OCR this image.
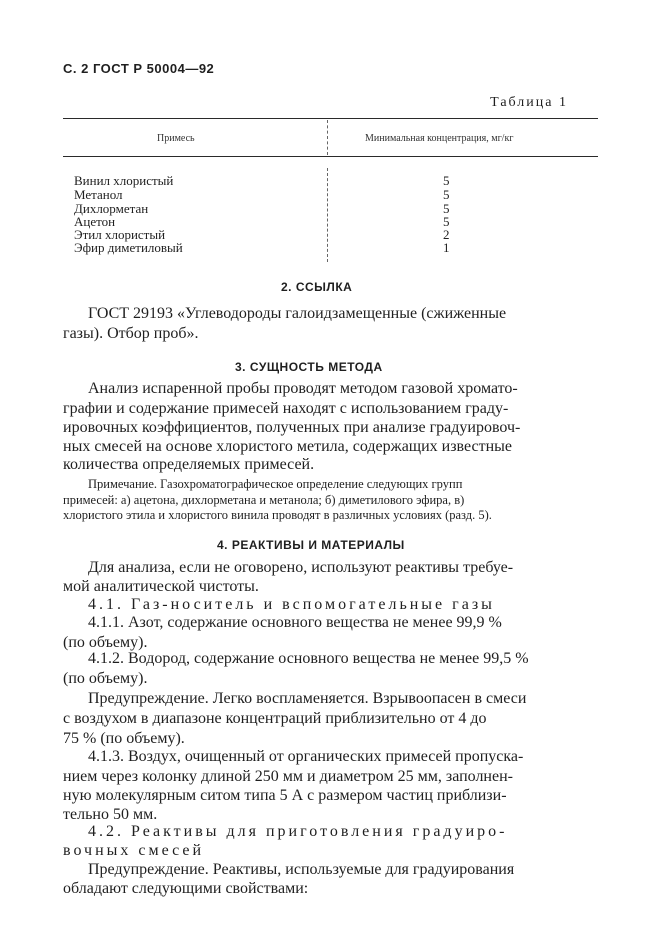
С. 2 ГОСТ Р 50004—92
Таблица 1
Примесь	Минимальная концентрация, мг/кг
Винил хлористый	5
Метанол	5
Дихлорметан	5
Ацетон	5
Этил хлористый	2
Эфир диметиловый	1
2. ССЫЛКА
ГОСТ 29193 «Углеводороды галоидзамещенные (сжиженные
газы). Отбор проб».
3. СУЩНОСТЬ МЕТОДА
Анализ испаренной пробы проводят методом газовой хромато-
графии и содержание примесей находят с использованием граду-
ировочных коэффициентов, полученных при анализе градуировоч-
ных смесей на основе хлористого метила, содержащих известные
количества определяемых примесей.
Примечание. Газохроматографическое определение следующих групп
примесей: а) ацетона, дихлорметана и метанола; б) диметилового эфира, в)
хлористого этила и хлористого винила проводят в различных условиях (разд. 5).
4. РЕАКТИВЫ И МАТЕРИАЛЫ
Для анализа, если не оговорено, используют реактивы требуе-
мой аналитической чистоты.
4.1. Газ-носитель и вспомогательные газы
4.1.1. Азот, содержание основного вещества не менее 99,9 %
(по объему).
4.1.2. Водород, содержание основного вещества не менее 99,5 %
(по объему).
Предупреждение. Легко воспламеняется. Взрывоопасен в смеси
с воздухом в диапазоне концентраций приблизительно от 4 до
75 % (по объему).
4.1.3. Воздух, очищенный от органических примесей пропуска-
нием через колонку длиной 250 мм и диаметром 25 мм, заполнен-
ную молекулярным ситом типа 5 А с размером частиц приблизи-
тельно 50 мм.
4.2. Реактивы для приготовления градуиро-
вочных смесей
Предупреждение. Реактивы, используемые для градуирования
обладают следующими свойствами:
